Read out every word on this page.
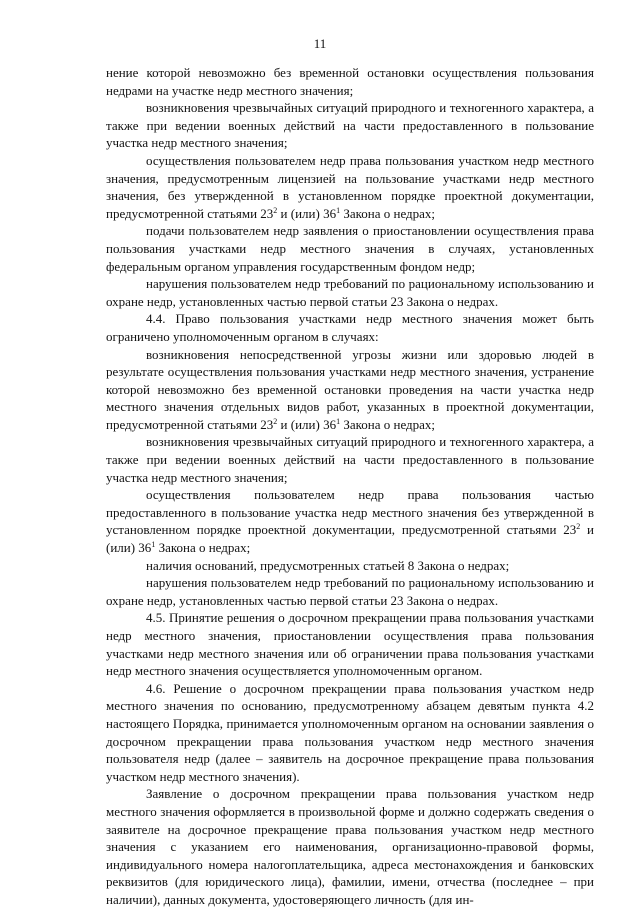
11

нение которой невозможно без временной остановки осуществления пользования недрами на участке недр местного значения;

возникновения чрезвычайных ситуаций природного и техногенного характера, а также при ведении военных действий на части предоставленного в пользование участка недр местного значения;

осуществления пользователем недр права пользования участком недр местного значения, предусмотренным лицензией на пользование участками недр местного значения, без утвержденной в установленном порядке проектной документации, предусмотренной статьями $23^2$ и (или) $36^1$ Закона о недрах;

подачи пользователем недр заявления о приостановлении осуществления права пользования участками недр местного значения в случаях, установленных федеральным органом управления государственным фондом недр;

нарушения пользователем недр требований по рациональному использованию и охране недр, установленных частью первой статьи 23 Закона о недрах.

4.4. Право пользования участками недр местного значения может быть ограничено уполномоченным органом в случаях:

возникновения непосредственной угрозы жизни или здоровью людей в результате осуществления пользования участками недр местного значения, устранение которой невозможно без временной остановки проведения на части участка недр местного значения отдельных видов работ, указанных в проектной документации, предусмотренной статьями $23^2$ и (или) $36^1$ Закона о недрах;

возникновения чрезвычайных ситуаций природного и техногенного характера, а также при ведении военных действий на части предоставленного в пользование участка недр местного значения;

осуществления пользователем недр права пользования частью предоставленного в пользование участка недр местного значения без утвержденной в установленном порядке проектной документации, предусмотренной статьями $23^2$ и (или) $36^1$ Закона о недрах;

наличия оснований, предусмотренных статьей 8 Закона о недрах;

нарушения пользователем недр требований по рациональному использованию и охране недр, установленных частью первой статьи 23 Закона о недрах.

4.5. Принятие решения о досрочном прекращении права пользования участками недр местного значения, приостановлении осуществления права пользования участками недр местного значения или об ограничении права пользования участками недр местного значения осуществляется уполномоченным органом.

4.6. Решение о досрочном прекращении права пользования участком недр местного значения по основанию, предусмотренному абзацем девятым пункта 4.2 настоящего Порядка, принимается уполномоченным органом на основании заявления о досрочном прекращении права пользования участком недр местного значения пользователя недр (далее – заявитель на досрочное прекращение права пользования участком недр местного значения).

Заявление о досрочном прекращении права пользования участком недр местного значения оформляется в произвольной форме и должно содержать сведения о заявителе на досрочное прекращение права пользования участком недр местного значения с указанием его наименования, организационно-правовой формы, индивидуального номера налогоплательщика, адреса местонахождения и банковских реквизитов (для юридического лица), фамилии, имени, отчества (последнее – при наличии), данных документа, удостоверяющего личность (для ин-
